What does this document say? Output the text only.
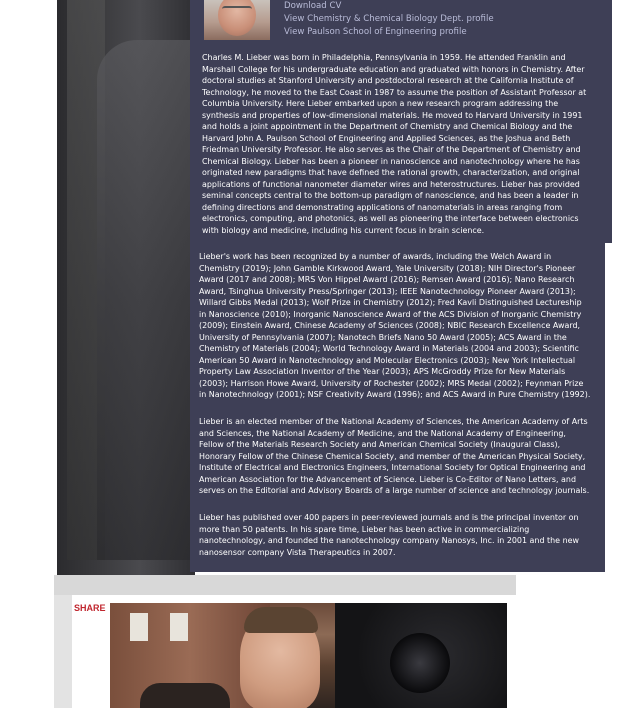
Download CV
View Chemistry & Chemical Biology Dept. profile
View Paulson School of Engineering profile

Charles M. Lieber was born in Philadelphia, Pennsylvania in 1959. He attended Franklin and Marshall College for his undergraduate education and graduated with honors in Chemistry. After doctoral studies at Stanford University and postdoctoral research at the California Institute of Technology, he moved to the East Coast in 1987 to assume the position of Assistant Professor at Columbia University. Here Lieber embarked upon a new research program addressing the synthesis and properties of low-dimensional materials. He moved to Harvard University in 1991 and holds a joint appointment in the Department of Chemistry and Chemical Biology and the Harvard John A. Paulson School of Engineering and Applied Sciences, as the Joshua and Beth Friedman University Professor. He also serves as the Chair of the Department of Chemistry and Chemical Biology. Lieber has been a pioneer in nanoscience and nanotechnology where he has originated new paradigms that have defined the rational growth, characterization, and original applications of functional nanometer diameter wires and heterostructures. Lieber has provided seminal concepts central to the bottom-up paradigm of nanoscience, and has been a leader in defining directions and demonstrating applications of nanomaterials in areas ranging from electronics, computing, and photonics, as well as pioneering the interface between electronics with biology and medicine, including his current focus in brain science.

Lieber's work has been recognized by a number of awards, including the Welch Award in Chemistry (2019); John Gamble Kirkwood Award, Yale University (2018); NIH Director's Pioneer Award (2017 and 2008); MRS Von Hippel Award (2016); Remsen Award (2016); Nano Research Award, Tsinghua University Press/Springer (2013); IEEE Nanotechnology Pioneer Award (2013); Willard Gibbs Medal (2013); Wolf Prize in Chemistry (2012); Fred Kavli Distinguished Lectureship in Nanoscience (2010); Inorganic Nanoscience Award of the ACS Division of Inorganic Chemistry (2009); Einstein Award, Chinese Academy of Sciences (2008); NBIC Research Excellence Award, University of Pennsylvania (2007); Nanotech Briefs Nano 50 Award (2005); ACS Award in the Chemistry of Materials (2004); World Technology Award in Materials (2004 and 2003); Scientific American 50 Award in Nanotechnology and Molecular Electronics (2003); New York Intellectual Property Law Association Inventor of the Year (2003); APS McGroddy Prize for New Materials (2003); Harrison Howe Award, University of Rochester (2002); MRS Medal (2002); Feynman Prize in Nanotechnology (2001); NSF Creativity Award (1996); and ACS Award in Pure Chemistry (1992).

Lieber is an elected member of the National Academy of Sciences, the American Academy of Arts and Sciences, the National Academy of Medicine, and the National Academy of Engineering, Fellow of the Materials Research Society and American Chemical Society (Inaugural Class), Honorary Fellow of the Chinese Chemical Society, and member of the American Physical Society, Institute of Electrical and Electronics Engineers, International Society for Optical Engineering and American Association for the Advancement of Science. Lieber is Co-Editor of Nano Letters, and serves on the Editorial and Advisory Boards of a large number of science and technology journals.

Lieber has published over 400 papers in peer-reviewed journals and is the principal inventor on more than 50 patents. In his spare time, Lieber has been active in commercializing nanotechnology, and founded the nanotechnology company Nanosys, Inc. in 2001 and the new nanosensor company Vista Therapeutics in 2007.

SHARE
